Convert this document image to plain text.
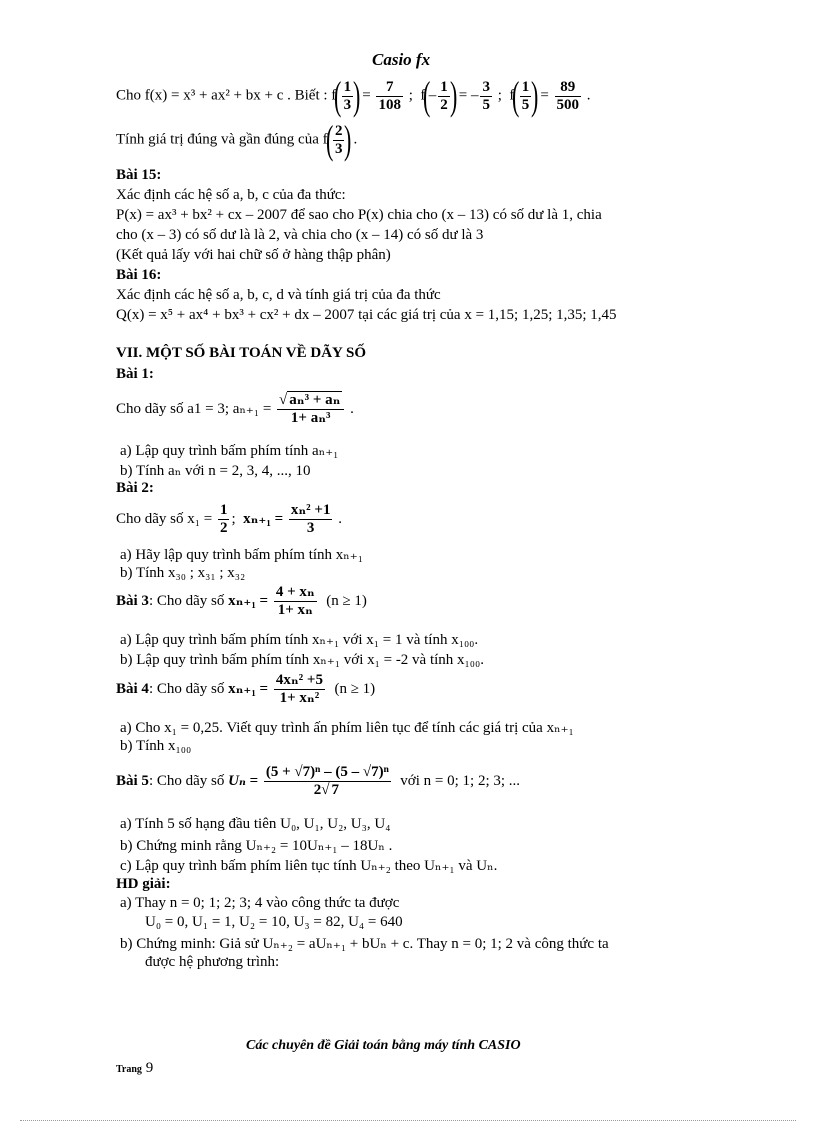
Casio fx
Cho f(x) = x³ + ax² + bx + c . Biết : $f( \frac{1}{3}$ ) = $\frac{7}{108}$ ;  $f(- \frac{1}{2}$ ) = – $\frac{3}{5}$ ;  $f( \frac{1}{5}$ ) = $\frac{89}{500}$ .
Tính giá trị đúng và gần đúng của $f( \frac{2}{3}$ ) .
Bài 15:
Xác định các hệ số a, b, c của đa thức:
P(x) = ax³ + bx² + cx – 2007 để sao cho P(x) chia cho (x – 13) có số dư là 1, chia
cho (x – 3) có số dư là là 2, và chia cho (x – 14) có số dư là 3
(Kết quả lấy với hai chữ số ở hàng thập phân)
Bài 16:
Xác định các hệ số a, b, c, d và tính giá trị của đa thức
Q(x) = x⁵ + ax⁴ + bx³ + cx² + dx – 2007 tại các giá trị của x = 1,15; 1,25; 1,35; 1,45
VII. MỘT SỐ BÀI TOÁN VỀ DÃY SỐ
Bài 1:
Cho dãy số a1 = 3; $a_{n+1} = \frac{\text{√ aₙ³ + aₙ}}{\text{1+ aₙ³}}$ .
a) Lập quy trình bấm phím tính aₙ₊₁
b) Tính aₙ với n = 2, 3, 4, ..., 10
Bài 2:
Cho dãy số $x_1 = \frac{1}{2}$ ; $x_{n+1} = \frac{\text{xₙ² +1}}{3}$ .
a) Hãy lập quy trình bấm phím tính xₙ₊₁
b) Tính x₃₀ ; x₃₁ ; x₃₂
Bài 3: Cho dãy số $x_{n+1} = \frac{\text{4 + xₙ}}{\text{1+ xₙ}} (n \ge 1)$
a) Lập quy trình bấm phím tính xₙ₊₁ với x₁ = 1 và tính x₁₀₀.
b) Lập quy trình bấm phím tính xₙ₊₁ với x₁ = -2 và tính x₁₀₀.
Bài 4: Cho dãy số $x_{n+1} = \frac{\text{4xₙ² +5}}{\text{1+ xₙ²}} (n \ge 1)$
a) Cho x₁ = 0,25. Viết quy trình ấn phím liên tục để tính các giá trị của xₙ₊₁
b) Tính x₁₀₀
Bài 5: Cho dãy số $U_n = \frac{\text{(5 + √7)ⁿ – (5 – √7)ⁿ}}{2√ 7}$ với n = 0; 1; 2; 3; ...
a) Tính 5 số hạng đầu tiên U₀, U₁, U₂, U₃, U₄
b) Chứng minh rằng Uₙ₊₂ = 10Uₙ₊₁ – 18Uₙ .
c) Lập quy trình bấm phím liên tục tính Uₙ₊₂ theo Uₙ₊₁ và Uₙ.
HD giải:
a) Thay n = 0; 1; 2; 3; 4 vào công thức ta được
U₀ = 0, U₁ = 1, U₂ = 10, U₃ = 82, U₄ = 640
b) Chứng minh: Giả sử Uₙ₊₂ = aUₙ₊₁ + bUₙ + c. Thay n = 0; 1; 2 và công thức ta
được hệ phương trình:
Các chuyên đề Giải toán bằng máy tính CASIO
Trang 9
